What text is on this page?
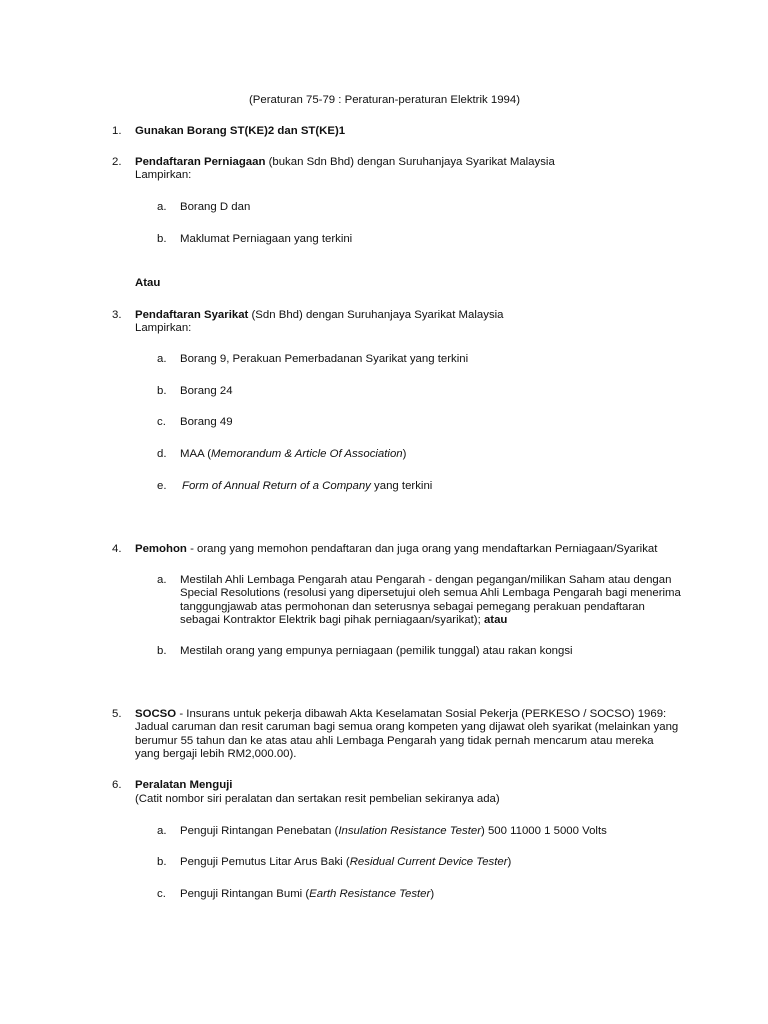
(Peraturan 75-79 : Peraturan-peraturan Elektrik 1994)
1. Gunakan Borang ST(KE)2 dan ST(KE)1
2. Pendaftaran Perniagaan (bukan Sdn Bhd) dengan Suruhanjaya Syarikat Malaysia
Lampirkan:
a. Borang D dan
b. Maklumat Perniagaan yang terkini
Atau
3. Pendaftaran Syarikat (Sdn Bhd) dengan Suruhanjaya Syarikat Malaysia
Lampirkan:
a. Borang 9, Perakuan Pemerbadanan Syarikat yang terkini
b. Borang 24
c. Borang 49
d. MAA (Memorandum & Article Of Association)
e. Form of Annual Return of a Company yang terkini
4. Pemohon - orang yang memohon pendaftaran dan juga orang yang mendaftarkan Perniagaan/Syarikat
a. Mestilah Ahli Lembaga Pengarah atau Pengarah - dengan pegangan/milikan Saham atau dengan
Special Resolutions (resolusi yang dipersetujui oleh semua Ahli Lembaga Pengarah bagi menerima
tanggungjawab atas permohonan dan seterusnya sebagai pemegang perakuan pendaftaran
sebagai Kontraktor Elektrik bagi pihak perniagaan/syarikat); atau
b. Mestilah orang yang empunya perniagaan (pemilik tunggal) atau rakan kongsi
5. SOCSO - Insurans untuk pekerja dibawah Akta Keselamatan Sosial Pekerja (PERKESO / SOCSO) 1969:
Jadual caruman dan resit caruman bagi semua orang kompeten yang dijawat oleh syarikat (melainkan yang
berumur 55 tahun dan ke atas atau ahli Lembaga Pengarah yang tidak pernah mencarum atau mereka
yang bergaji lebih RM2,000.00).
6. Peralatan Menguji
(Catit nombor siri peralatan dan sertakan resit pembelian sekiranya ada)
a. Penguji Rintangan Penebatan (Insulation Resistance Tester) 500 11000 1 5000 Volts
b. Penguji Pemutus Litar Arus Baki (Residual Current Device Tester)
c. Penguji Rintangan Bumi (Earth Resistance Tester)
